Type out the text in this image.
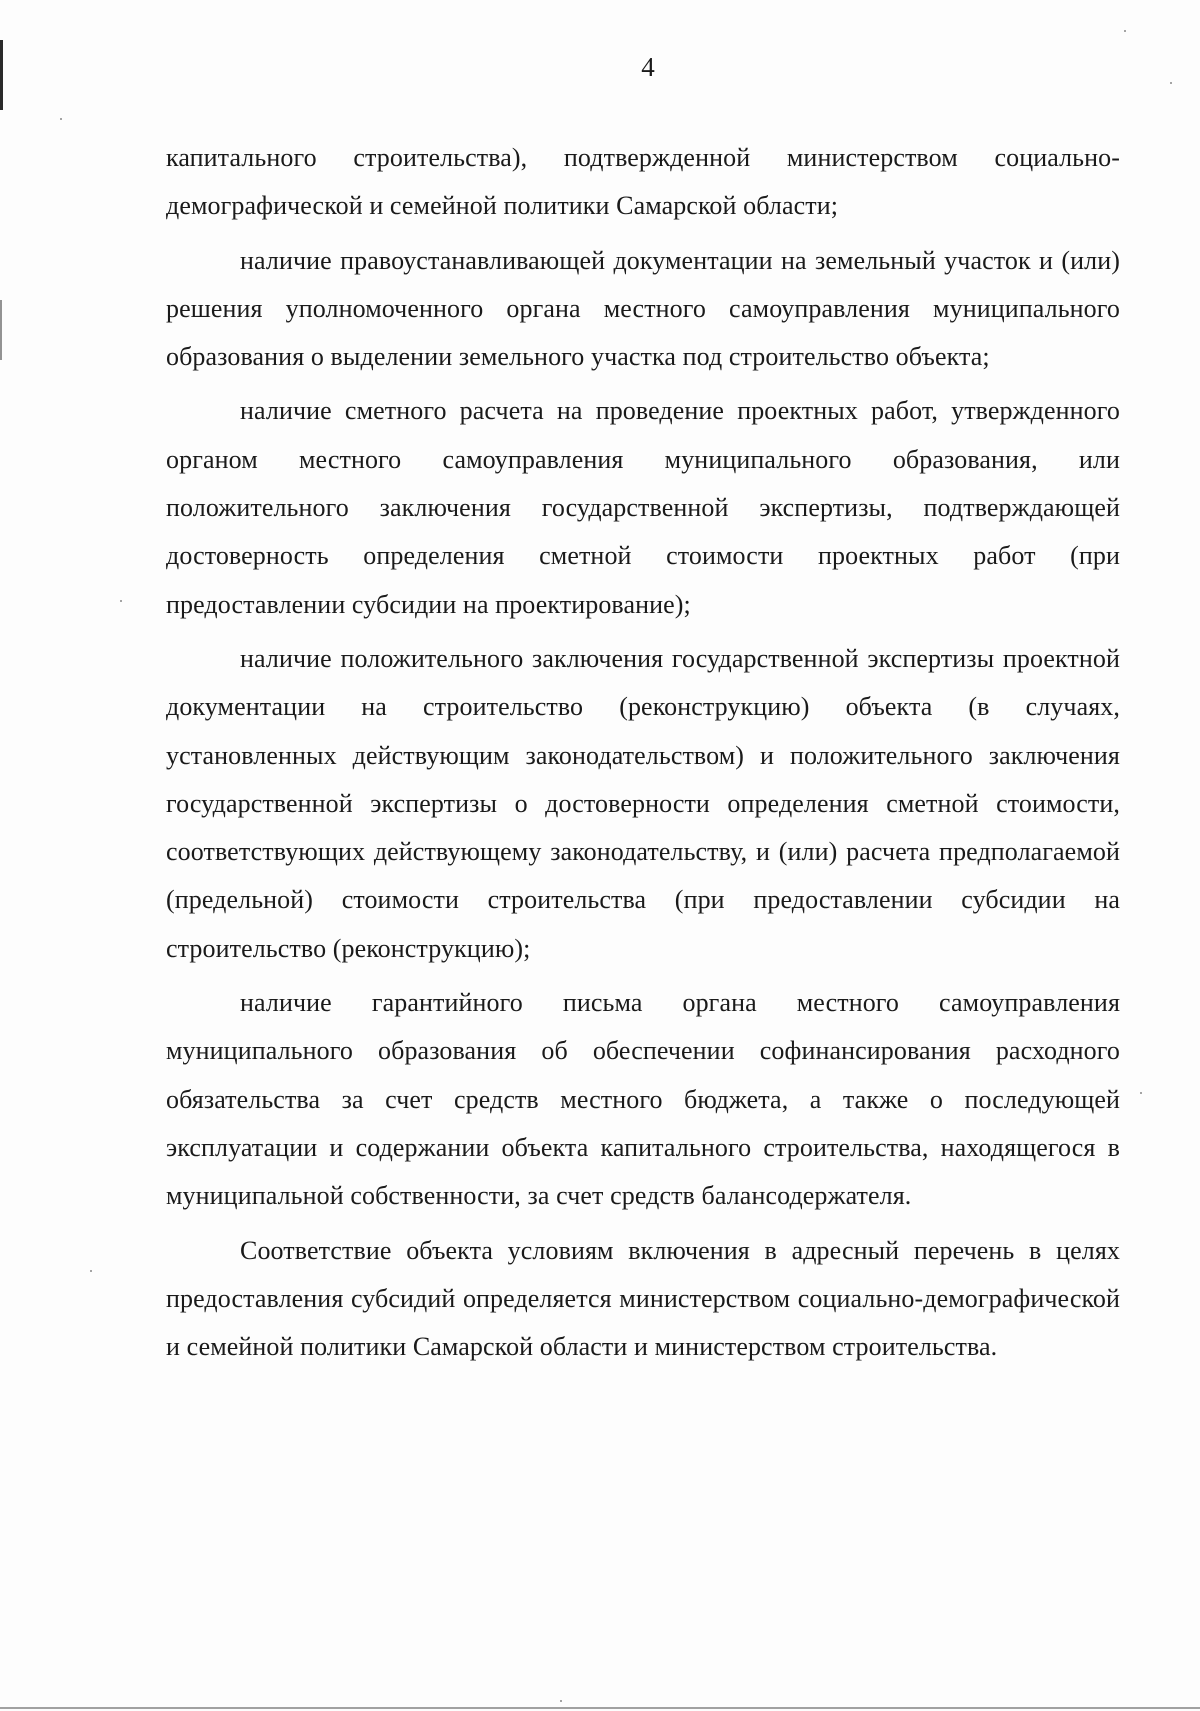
4

капитального строительства), подтвержденной министерством социально-демографической и семейной политики Самарской области;

наличие правоустанавливающей документации на земельный участок и (или) решения уполномоченного органа местного самоуправления муниципального образования о выделении земельного участка под строительство объекта;

наличие сметного расчета на проведение проектных работ, утвержденного органом местного самоуправления муниципального образования, или положительного заключения государственной экспертизы, подтверждающей достоверность определения сметной стоимости проектных работ (при предоставлении субсидии на проектирование);

наличие положительного заключения государственной экспертизы проектной документации на строительство (реконструкцию) объекта (в случаях, установленных действующим законодательством) и положительного заключения государственной экспертизы о достоверности определения сметной стоимости, соответствующих действующему законодательству, и (или) расчета предполагаемой (предельной) стоимости строительства (при предоставлении субсидии на строительство (реконструкцию);

наличие гарантийного письма органа местного самоуправления муниципального образования об обеспечении софинансирования расходного обязательства за счет средств местного бюджета, а также о последующей эксплуатации и содержании объекта капитального строительства, находящегося в муниципальной собственности, за счет средств балансодержателя.

Соответствие объекта условиям включения в адресный перечень в целях предоставления субсидий определяется министерством социально-демографической и семейной политики Самарской области и министерством строительства.
